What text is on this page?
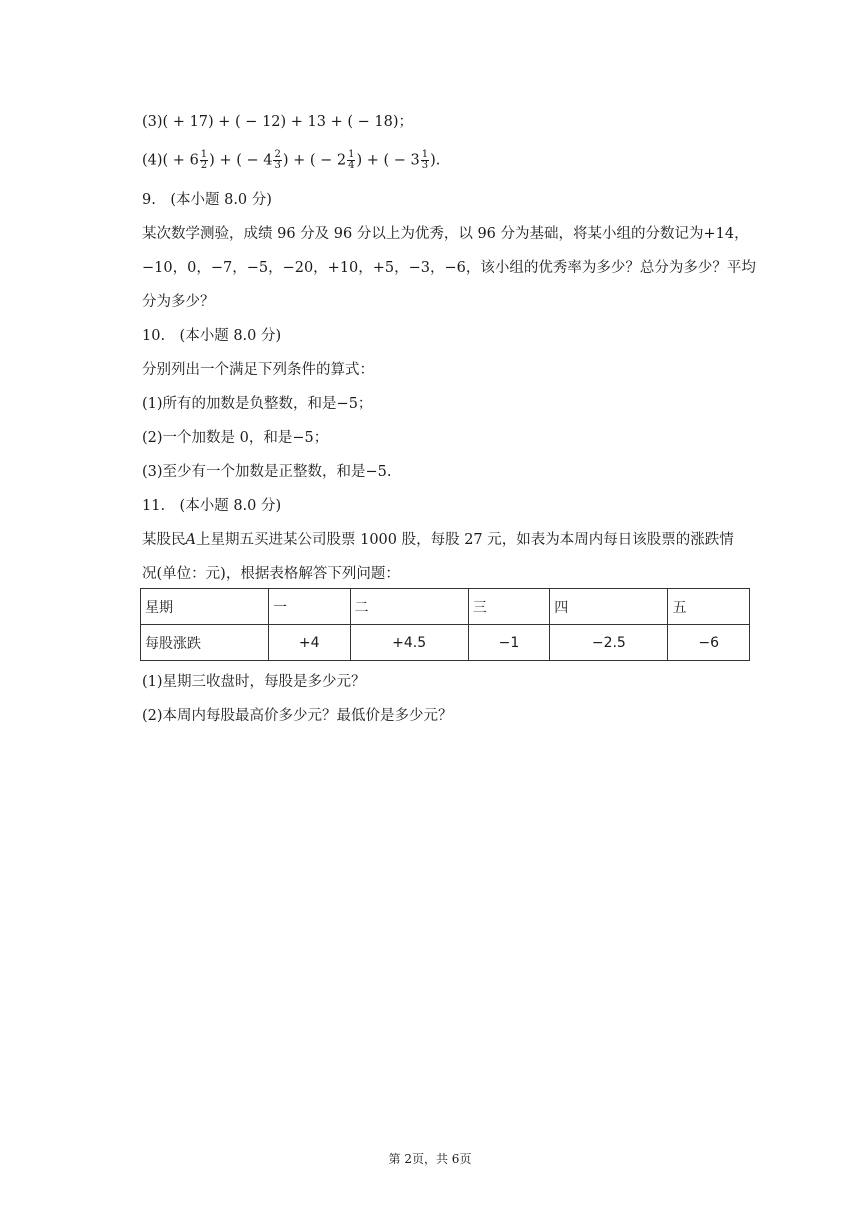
(3)( + 17) + ( − 12) + 13 + ( − 18)；
$(4)( + 6 \frac{1}{2}$ ) + ( − $4 \frac{2}{3}$ ) + ( − $2 \frac{1}{4}$ ) + ( − $3 \frac{1}{3}$ ).
9.　(本小题 8.0 分)
某次数学测验，成绩 96 分及 96 分以上为优秀，以 96 分为基础，将某小组的分数记为+14，
−10，0，−7，−5，−20，+10，+5，−3，−6，该小组的优秀率为多少？总分为多少？平均
分为多少？
10.　(本小题 8.0 分)
分别列出一个满足下列条件的算式：
(1)所有的加数是负整数，和是−5；
(2)一个加数是 0，和是−5；
(3)至少有一个加数是正整数，和是−5.
11.　(本小题 8.0 分)
某股民A上星期五买进某公司股票 1000 股，每股 27 元，如表为本周内每日该股票的涨跌情
况(单位：元)，根据表格解答下列问题：
星期	一	二	三	四	五
每股涨跌	+4	+4.5	−1	−2.5	−6
(1)星期三收盘时，每股是多少元？
(2)本周内每股最高价多少元？最低价是多少元？
第 2页，共 6页
